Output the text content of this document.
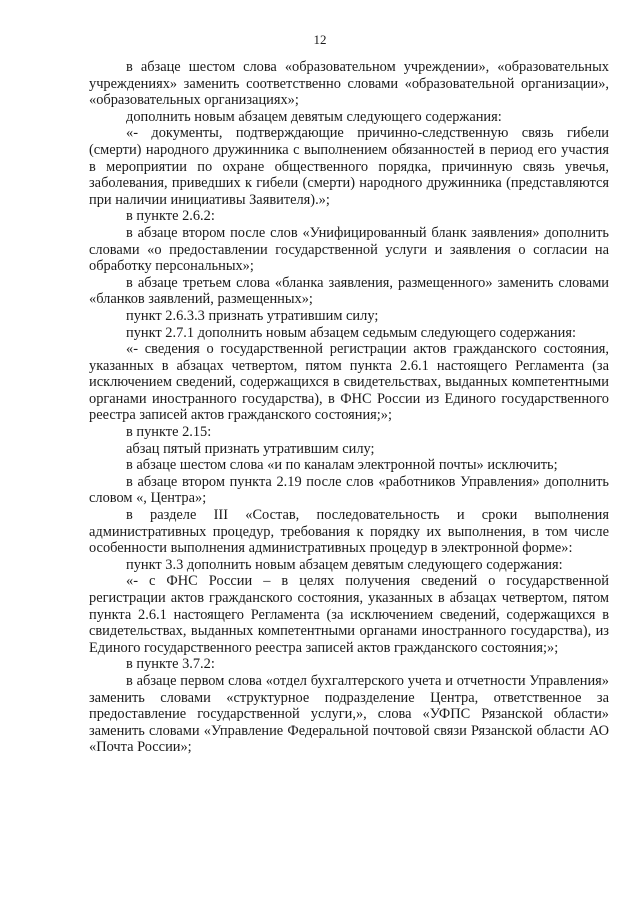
12

в абзаце шестом слова «образовательном учреждении», «образовательных учреждениях» заменить соответственно словами «образовательной организации», «образовательных организациях»;

дополнить новым абзацем девятым следующего содержания:

«- документы, подтверждающие причинно-следственную связь гибели (смерти) народного дружинника с выполнением обязанностей в период его участия в мероприятии по охране общественного порядка, причинную связь увечья, заболевания, приведших к гибели (смерти) народного дружинника (представляются при наличии инициативы Заявителя).»;

в пункте 2.6.2:

в абзаце втором после слов «Унифицированный бланк заявления» дополнить словами «о предоставлении государственной услуги и заявления о согласии на обработку персональных»;

в абзаце третьем слова «бланка заявления, размещенного» заменить словами «бланков заявлений, размещенных»;

пункт 2.6.3.3 признать утратившим силу;

пункт 2.7.1 дополнить новым абзацем седьмым следующего содержания:

«- сведения о государственной регистрации актов гражданского состояния, указанных в абзацах четвертом, пятом пункта 2.6.1 настоящего Регламента (за исключением сведений, содержащихся в свидетельствах, выданных компетентными органами иностранного государства), в ФНС России из Единого государственного реестра записей актов гражданского состояния;»;

в пункте 2.15:

абзац пятый признать утратившим силу;

в абзаце шестом слова «и по каналам электронной почты» исключить;

в абзаце втором пункта 2.19 после слов «работников Управления» дополнить словом «, Центра»;

в разделе III «Состав, последовательность и сроки выполнения административных процедур, требования к порядку их выполнения, в том числе особенности выполнения административных процедур в электронной форме»:

пункт 3.3 дополнить новым абзацем девятым следующего содержания:

«- с ФНС России – в целях получения сведений о государственной регистрации актов гражданского состояния, указанных в абзацах четвертом, пятом пункта 2.6.1 настоящего Регламента (за исключением сведений, содержащихся в свидетельствах, выданных компетентными органами иностранного государства), из Единого государственного реестра записей актов гражданского состояния;»;

в пункте 3.7.2:

в абзаце первом слова «отдел бухгалтерского учета и отчетности Управления» заменить словами «структурное подразделение Центра, ответственное за предоставление государственной услуги,», слова «УФПС Рязанской области» заменить словами «Управление Федеральной почтовой связи Рязанской области АО «Почта России»;
